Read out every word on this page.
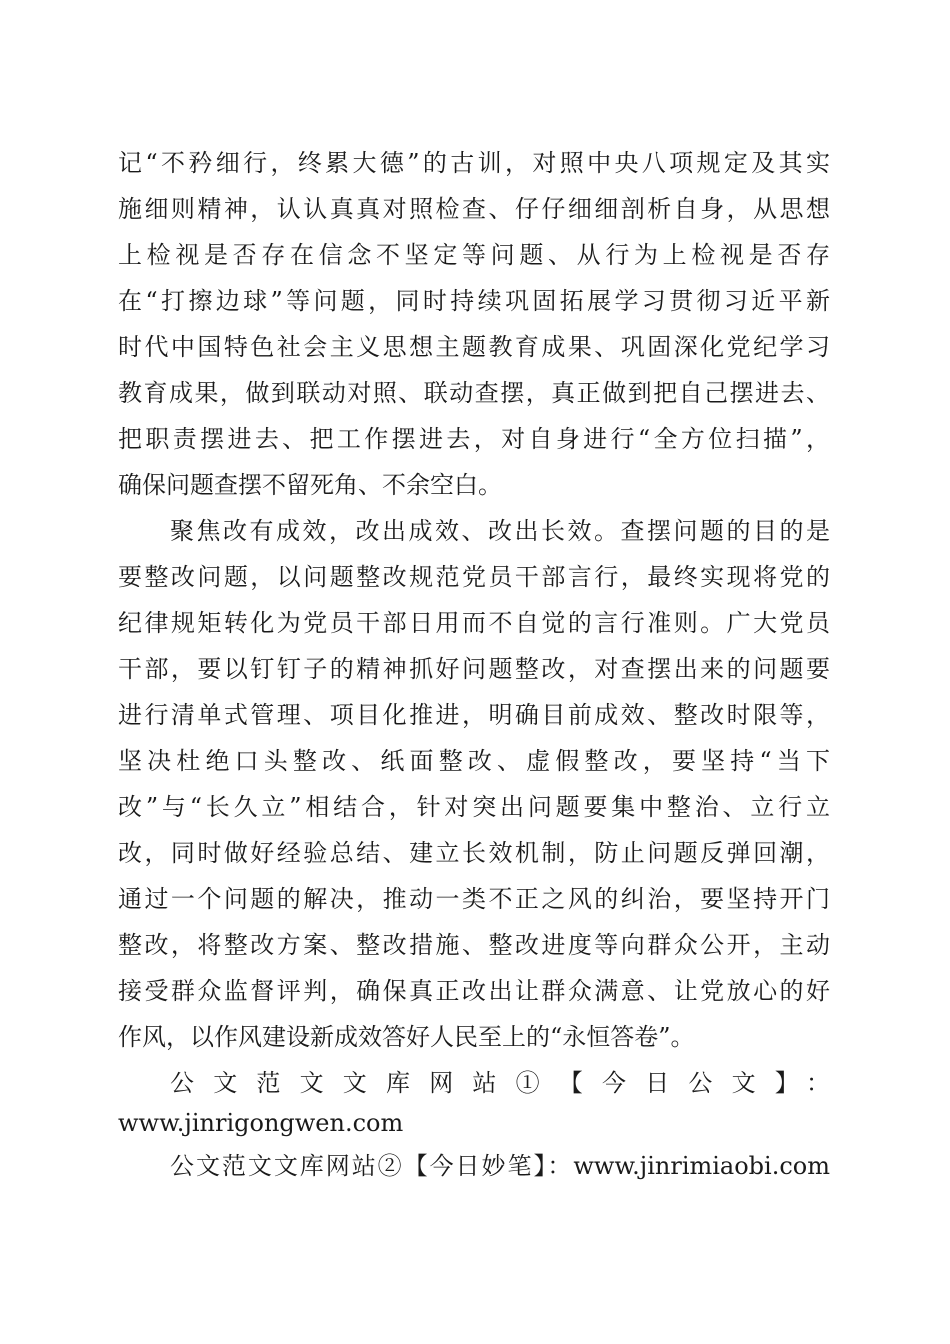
记“不矜细行，终累大德”的古训，对照中央八项规定及其实
施细则精神，认认真真对照检查、仔仔细细剖析自身，从思想
上检视是否存在信念不坚定等问题、从行为上检视是否存
在“打擦边球”等问题，同时持续巩固拓展学习贯彻习近平新
时代中国特色社会主义思想主题教育成果、巩固深化党纪学习
教育成果，做到联动对照、联动查摆，真正做到把自己摆进去、
把职责摆进去、把工作摆进去，对自身进行“全方位扫描”，
确保问题查摆不留死角、不余空白。
聚焦改有成效，改出成效、改出长效。查摆问题的目的是
要整改问题，以问题整改规范党员干部言行，最终实现将党的
纪律规矩转化为党员干部日用而不自觉的言行准则。广大党员
干部，要以钉钉子的精神抓好问题整改，对查摆出来的问题要
进行清单式管理、项目化推进，明确目前成效、整改时限等，
坚决杜绝口头整改、纸面整改、虚假整改，要坚持“当下
改”与“长久立”相结合，针对突出问题要集中整治、立行立
改，同时做好经验总结、建立长效机制，防止问题反弹回潮，
通过一个问题的解决，推动一类不正之风的纠治，要坚持开门
整改，将整改方案、整改措施、整改进度等向群众公开，主动
接受群众监督评判，确保真正改出让群众满意、让党放心的好
作风，以作风建设新成效答好人民至上的“永恒答卷”。
公文范文文库网站①【今日公文】：
www.jinrigongwen.com
公文范文文库网站②【今日妙笔】：www.jinrimiaobi.com
